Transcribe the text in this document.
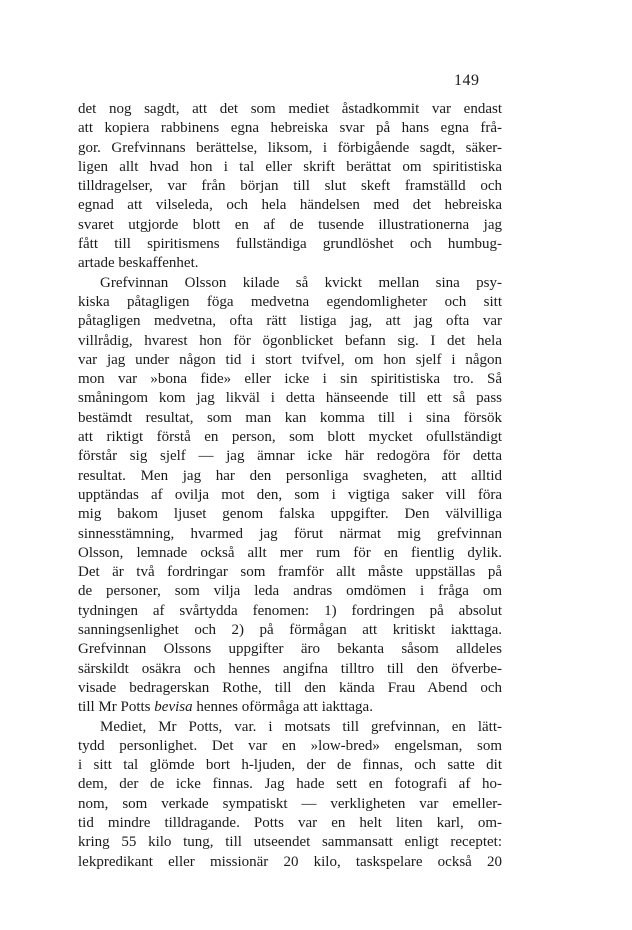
149
det nog sagdt, att det som mediet åstadkommit var endast
att kopiera rabbinens egna hebreiska svar på hans egna frå-
gor. Grefvinnans berättelse, liksom, i förbigående sagdt, säker-
ligen allt hvad hon i tal eller skrift berättat om spiritistiska
tilldragelser, var från början till slut skeft framställd och
egnad att vilseleda, och hela händelsen med det hebreiska
svaret utgjorde blott en af de tusende illustrationerna jag
fått till spiritismens fullständiga grundlöshet och humbug-
artade beskaffenhet.
Grefvinnan Olsson kilade så kvickt mellan sina psy-
kiska påtagligen föga medvetna egendomligheter och sitt
påtagligen medvetna, ofta rätt listiga jag, att jag ofta var
villrådig, hvarest hon för ögonblicket befann sig. I det hela
var jag under någon tid i stort tvifvel, om hon sjelf i någon
mon var »bona fide» eller icke i sin spiritistiska tro. Så
småningom kom jag likväl i detta hänseende till ett så pass
bestämdt resultat, som man kan komma till i sina försök
att riktigt förstå en person, som blott mycket ofullständigt
förstår sig sjelf — jag ämnar icke här redogöra för detta
resultat. Men jag har den personliga svagheten, att alltid
upptändas af ovilja mot den, som i vigtiga saker vill föra
mig bakom ljuset genom falska uppgifter. Den välvilliga
sinnesstämning, hvarmed jag förut närmat mig grefvinnan
Olsson, lemnade också allt mer rum för en fientlig dylik.
Det är två fordringar som framför allt måste uppställas på
de personer, som vilja leda andras omdömen i fråga om
tydningen af svårtydda fenomen: 1) fordringen på absolut
sanningsenlighet och 2) på förmågan att kritiskt iakttaga.
Grefvinnan Olssons uppgifter äro bekanta såsom alldeles
särskildt osäkra och hennes angifna tilltro till den öfverbe-
visade bedragerskan Rothe, till den kända Frau Abend och
till Mr Potts bevisa hennes oförmåga att iakttaga.
Mediet, Mr Potts, var. i motsats till grefvinnan, en lätt-
tydd personlighet. Det var en »low-bred» engelsman, som
i sitt tal glömde bort h-ljuden, der de finnas, och satte dit
dem, der de icke finnas. Jag hade sett en fotografi af ho-
nom, som verkade sympatiskt — verkligheten var emeller-
tid mindre tilldragande. Potts var en helt liten karl, om-
kring 55 kilo tung, till utseendet sammansatt enligt receptet:
lekpredikant eller missionär 20 kilo, taskspelare också 20
